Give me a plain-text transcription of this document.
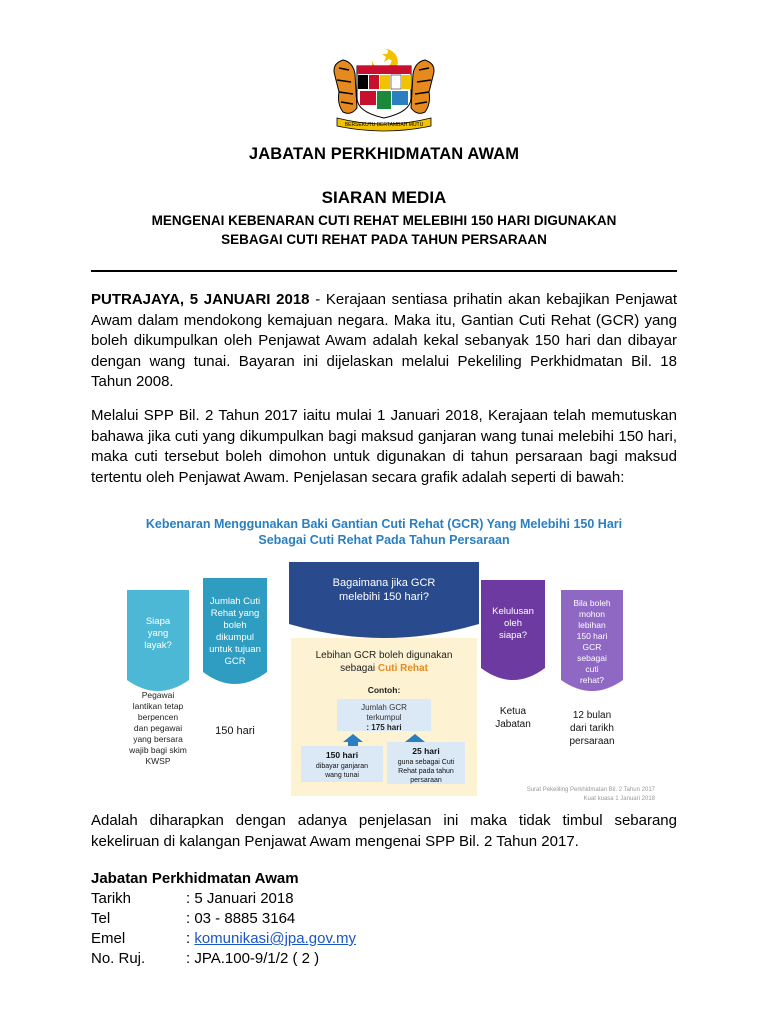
BERSEKUTU BERTAMBAH MUTU
JABATAN PERKHIDMATAN AWAM
SIARAN MEDIA
MENGENAI KEBENARAN CUTI REHAT MELEBIHI 150 HARI DIGUNAKAN
SEBAGAI CUTI REHAT PADA TAHUN PERSARAAN

PUTRAJAYA, 5 JANUARI 2018 - Kerajaan sentiasa prihatin akan kebajikan Penjawat Awam dalam mendokong kemajuan negara. Maka itu, Gantian Cuti Rehat (GCR) yang boleh dikumpulkan oleh Penjawat Awam adalah kekal sebanyak 150 hari dan dibayar dengan wang tunai. Bayaran ini dijelaskan melalui Pekeliling Perkhidmatan Bil. 18 Tahun 2008.

Melalui SPP Bil. 2 Tahun 2017 iaitu mulai 1 Januari 2018, Kerajaan telah memutuskan bahawa jika cuti yang dikumpulkan bagi maksud ganjaran wang tunai melebihi 150 hari, maka cuti tersebut boleh dimohon untuk digunakan di tahun persaraan bagi maksud tertentu oleh Penjawat Awam. Penjelasan secara grafik adalah seperti di bawah:

Kebenaran Menggunakan Baki Gantian Cuti Rehat (GCR) Yang Melebihi 150 Hari
Sebagai Cuti Rehat Pada Tahun Persaraan
Siapa
yang
layak?
Jumlah Cuti
Rehat yang
boleh
dikumpul
untuk tujuan
GCR
Bagaimana jika GCR
melebihi 150 hari?
Kelulusan
oleh
siapa?
Bila boleh
mohon
lebihan
150 hari
GCR
sebagai
cuti
rehat?
Pegawai
lantikan tetap
berpencen
dan pegawai
yang bersara
wajib bagi skim
KWSP
150 hari
Lebihan GCR boleh digunakan
sebagai Cuti Rehat
Contoh:
Jumlah GCR
terkumpul
: 175 hari
150 hari
dibayar ganjaran
wang tunai
25 hari
guna sebagai Cuti
Rehat pada tahun
persaraan
Ketua
Jabatan
12 bulan
dari tarikh
persaraan
Surat Pekeliling Perkhidmatan Bil. 2 Tahun 2017
Kuat kuasa 1 Januari 2018

Adalah diharapkan dengan adanya penjelasan ini maka tidak timbul sebarang kekeliruan di kalangan Penjawat Awam mengenai SPP Bil. 2 Tahun 2017.

Jabatan Perkhidmatan Awam
Tarikh	: 5 Januari 2018
Tel	: 03 - 8885 3164
Emel	: komunikasi@jpa.gov.my
No. Ruj.	: JPA.100-9/1/2 ( 2 )
